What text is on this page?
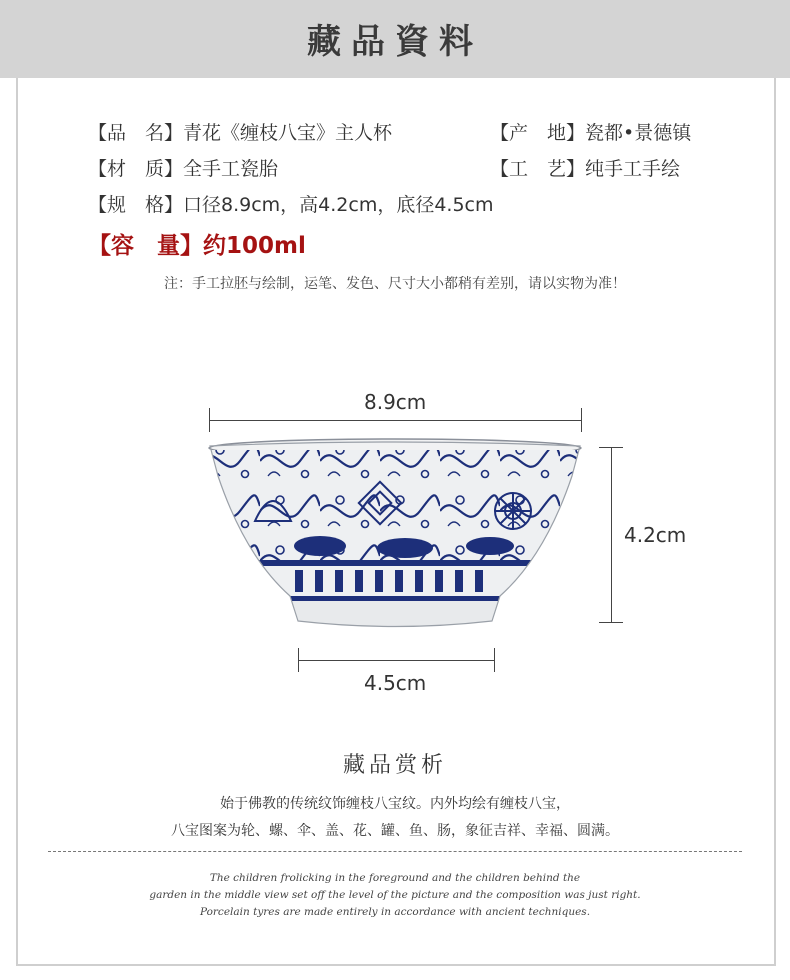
藏品資料
【品　名】青花《缠枝八宝》主人杯	【产　地】瓷都•景德镇
【材　质】全手工瓷胎	【工　艺】纯手工手绘
【规　格】口径8.9cm，高4.2cm，底径4.5cm
【容　量】约100ml
注：手工拉胚与绘制，运笔、发色、尺寸大小都稍有差别，请以实物为准！
8.9cm
4.2cm
4.5cm
藏品赏析
始于佛教的传统纹饰缠枝八宝纹。内外均绘有缠枝八宝，
八宝图案为轮、螺、伞、盖、花、罐、鱼、肠，象征吉祥、幸福、圆满。
The children frolicking in the foreground and the children behind the
garden in the middle view set off the level of the picture and the composition was just right.
Porcelain tyres are made entirely in accordance with ancient techniques.
